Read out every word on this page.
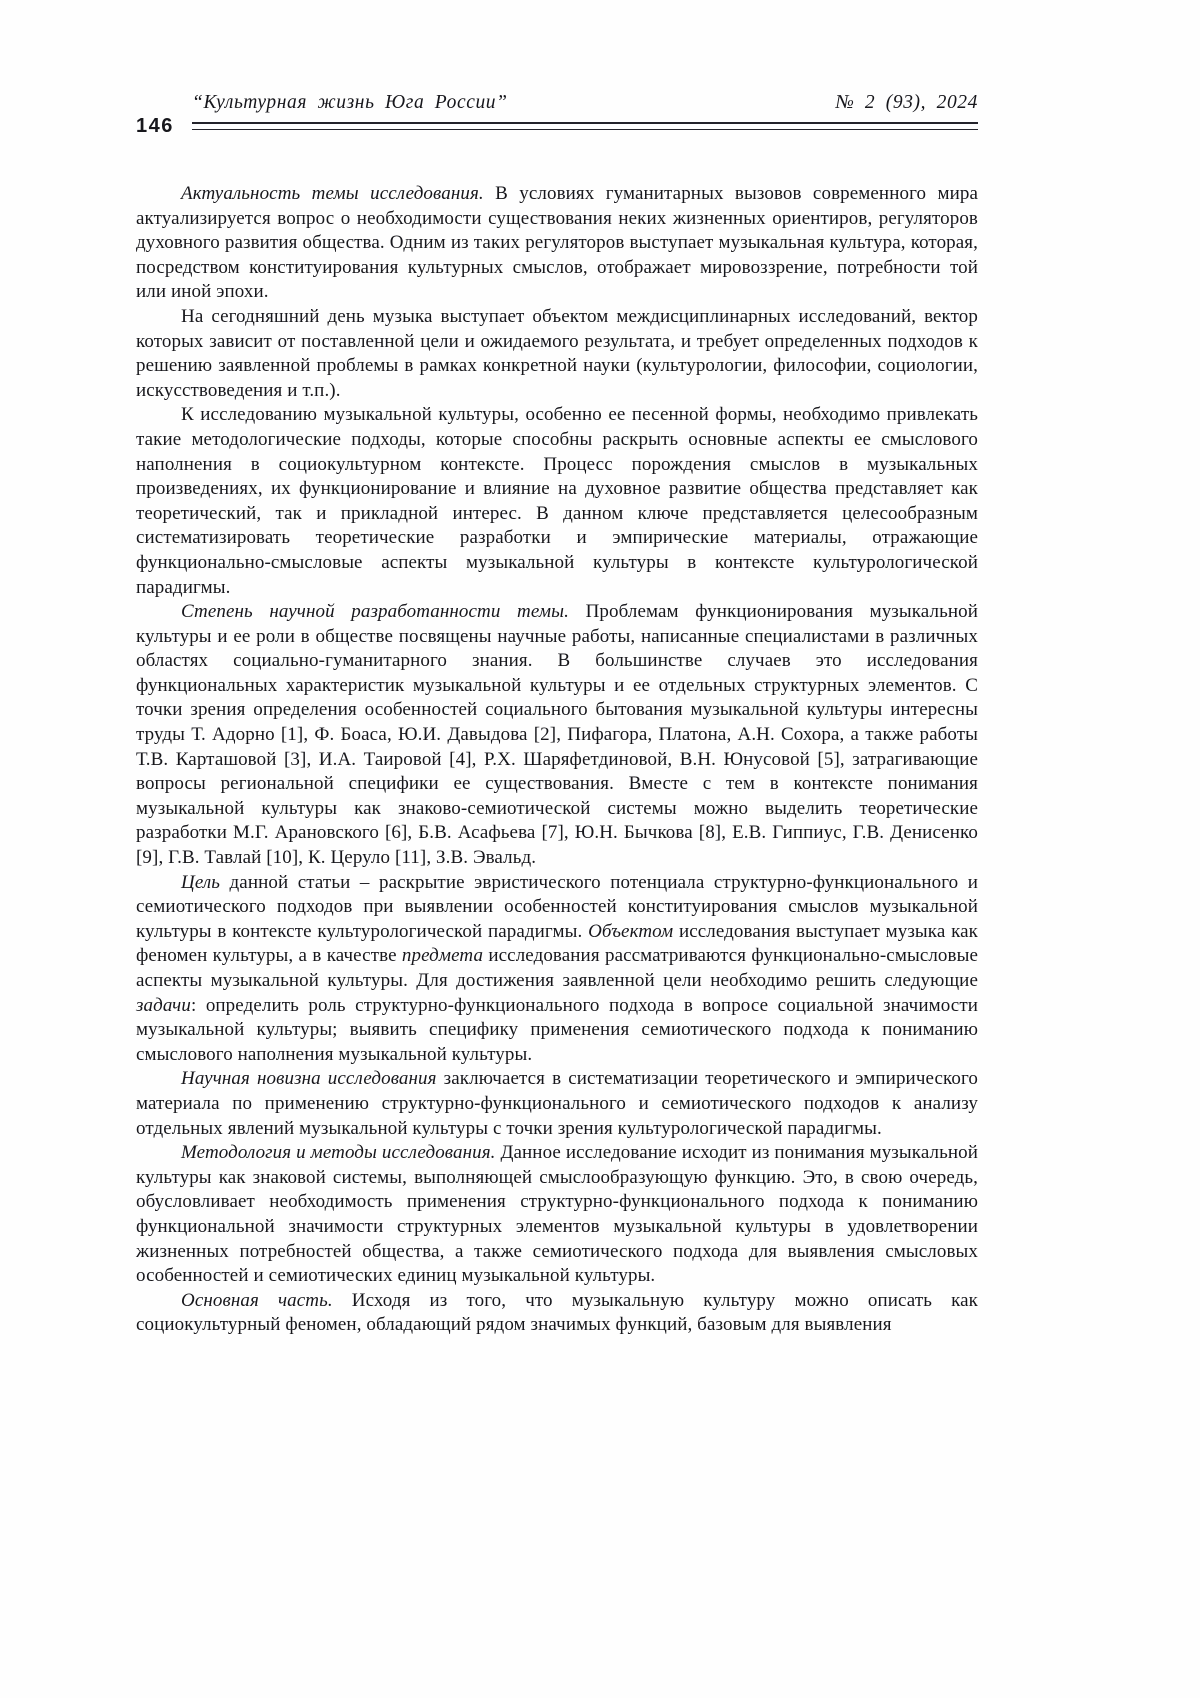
“Культурная жизнь Юга России”	№ 2 (93), 2024
146

Актуальность темы исследования. В условиях гуманитарных вызовов современного мира актуализируется вопрос о необходимости существования неких жизненных ориентиров, регуляторов духовного развития общества. Одним из таких регуляторов выступает музыкальная культура, которая, посредством конституирования культурных смыслов, отображает мировоззрение, потребности той или иной эпохи.

На сегодняшний день музыка выступает объектом междисциплинарных исследований, вектор которых зависит от поставленной цели и ожидаемого результата, и требует определенных подходов к решению заявленной проблемы в рамках конкретной науки (культурологии, философии, социологии, искусствоведения и т.п.).

К исследованию музыкальной культуры, особенно ее песенной формы, необходимо привлекать такие методологические подходы, которые способны раскрыть основные аспекты ее смыслового наполнения в социокультурном контексте. Процесс порождения смыслов в музыкальных произведениях, их функционирование и влияние на духовное развитие общества представляет как теоретический, так и прикладной интерес. В данном ключе представляется целесообразным систематизировать теоретические разработки и эмпирические материалы, отражающие функционально-смысловые аспекты музыкальной культуры в контексте культурологической парадигмы.

Степень научной разработанности темы. Проблемам функционирования музыкальной культуры и ее роли в обществе посвящены научные работы, написанные специалистами в различных областях социально-гуманитарного знания. В большинстве случаев это исследования функциональных характеристик музыкальной культуры и ее отдельных структурных элементов. С точки зрения определения особенностей социального бытования музыкальной культуры интересны труды Т. Адорно [1], Ф. Боаса, Ю.И. Давыдова [2], Пифагора, Платона, А.Н. Сохора, а также работы Т.В. Карташовой [3], И.А. Таировой [4], Р.Х. Шаряфетдиновой, В.Н. Юнусовой [5], затрагивающие вопросы региональной специфики ее существования. Вместе с тем в контексте понимания музыкальной культуры как знаково-семиотической системы можно выделить теоретические разработки М.Г. Арановского [6], Б.В. Асафьева [7], Ю.Н. Бычкова [8], Е.В. Гиппиус, Г.В. Денисенко [9], Г.В. Тавлай [10], К. Церуло [11], З.В. Эвальд.

Цель данной статьи – раскрытие эвристического потенциала структурно-функционального и семиотического подходов при выявлении особенностей конституирования смыслов музыкальной культуры в контексте культурологической парадигмы. Объектом исследования выступает музыка как феномен культуры, а в качестве предмета исследования рассматриваются функционально-смысловые аспекты музыкальной культуры. Для достижения заявленной цели необходимо решить следующие задачи: определить роль структурно-функционального подхода в вопросе социальной значимости музыкальной культуры; выявить специфику применения семиотического подхода к пониманию смыслового наполнения музыкальной культуры.

Научная новизна исследования заключается в систематизации теоретического и эмпирического материала по применению структурно-функционального и семиотического подходов к анализу отдельных явлений музыкальной культуры с точки зрения культурологической парадигмы.

Методология и методы исследования. Данное исследование исходит из понимания музыкальной культуры как знаковой системы, выполняющей смыслообразующую функцию. Это, в свою очередь, обусловливает необходимость применения структурно-функционального подхода к пониманию функциональной значимости структурных элементов музыкальной культуры в удовлетворении жизненных потребностей общества, а также семиотического подхода для выявления смысловых особенностей и семиотических единиц музыкальной культуры.

Основная часть. Исходя из того, что музыкальную культуру можно описать как социокультурный феномен, обладающий рядом значимых функций, базовым для выявления
